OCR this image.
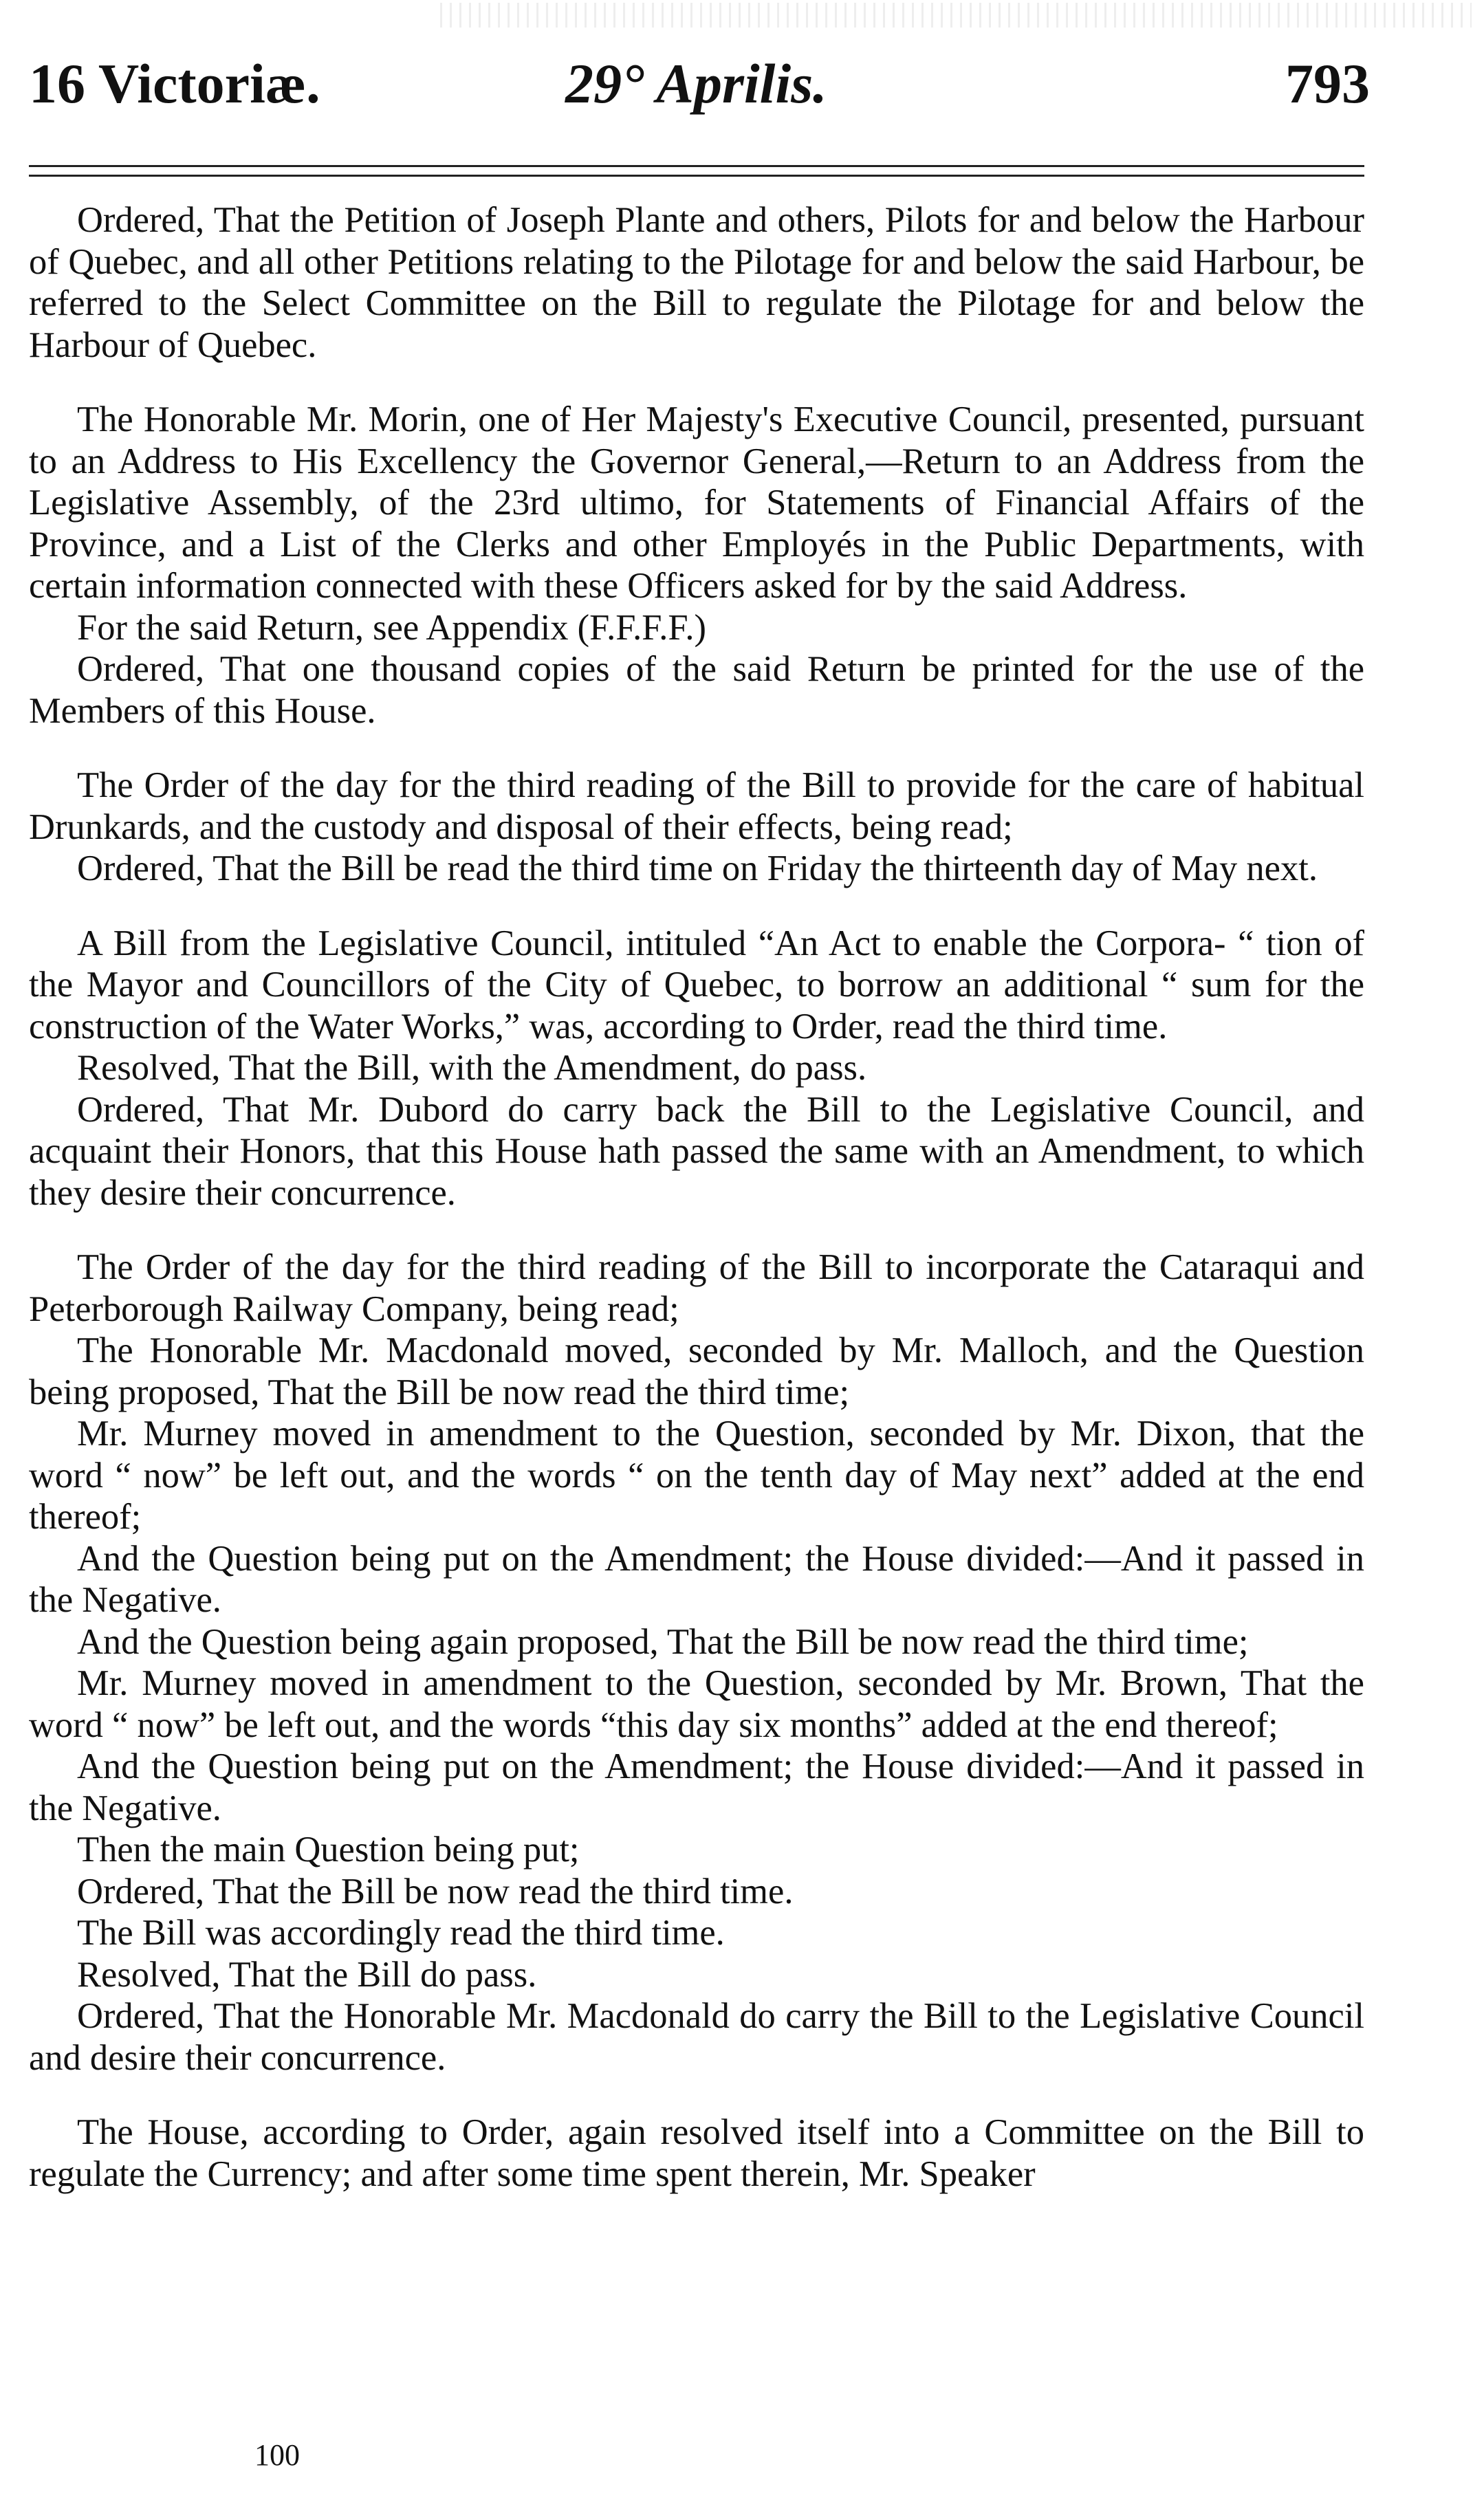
16 Victoriæ.	29° Aprilis.	793

Ordered, That the Petition of Joseph Plante and others, Pilots for and below the Harbour of Quebec, and all other Petitions relating to the Pilotage for and below the said Harbour, be referred to the Select Committee on the Bill to regulate the Pilotage for and below the Harbour of Quebec.

The Honorable Mr. Morin, one of Her Majesty's Executive Council, presented, pursuant to an Address to His Excellency the Governor General,—Return to an Address from the Legislative Assembly, of the 23rd ultimo, for Statements of Financial Affairs of the Province, and a List of the Clerks and other Employés in the Public Departments, with certain information connected with these Officers asked for by the said Address.

For the said Return, see Appendix (F.F.F.F.)

Ordered, That one thousand copies of the said Return be printed for the use of the Members of this House.

The Order of the day for the third reading of the Bill to provide for the care of habitual Drunkards, and the custody and disposal of their effects, being read;

Ordered, That the Bill be read the third time on Friday the thirteenth day of May next.

A Bill from the Legislative Council, intituled “An Act to enable the Corpora- “ tion of the Mayor and Councillors of the City of Quebec, to borrow an additional “ sum for the construction of the Water Works,” was, according to Order, read the third time.

Resolved, That the Bill, with the Amendment, do pass.

Ordered, That Mr. Dubord do carry back the Bill to the Legislative Council, and acquaint their Honors, that this House hath passed the same with an Amendment, to which they desire their concurrence.

The Order of the day for the third reading of the Bill to incorporate the Cataraqui and Peterborough Railway Company, being read;

The Honorable Mr. Macdonald moved, seconded by Mr. Malloch, and the Question being proposed, That the Bill be now read the third time;

Mr. Murney moved in amendment to the Question, seconded by Mr. Dixon, that the word “ now” be left out, and the words “ on the tenth day of May next” added at the end thereof;

And the Question being put on the Amendment; the House divided:—And it passed in the Negative.

And the Question being again proposed, That the Bill be now read the third time;

Mr. Murney moved in amendment to the Question, seconded by Mr. Brown, That the word “ now” be left out, and the words “this day six months” added at the end thereof;

And the Question being put on the Amendment; the House divided:—And it passed in the Negative.

Then the main Question being put;

Ordered, That the Bill be now read the third time.

The Bill was accordingly read the third time.

Resolved, That the Bill do pass.

Ordered, That the Honorable Mr. Macdonald do carry the Bill to the Legislative Council and desire their concurrence.

The House, according to Order, again resolved itself into a Committee on the Bill to regulate the Currency; and after some time spent therein, Mr. Speaker

100
